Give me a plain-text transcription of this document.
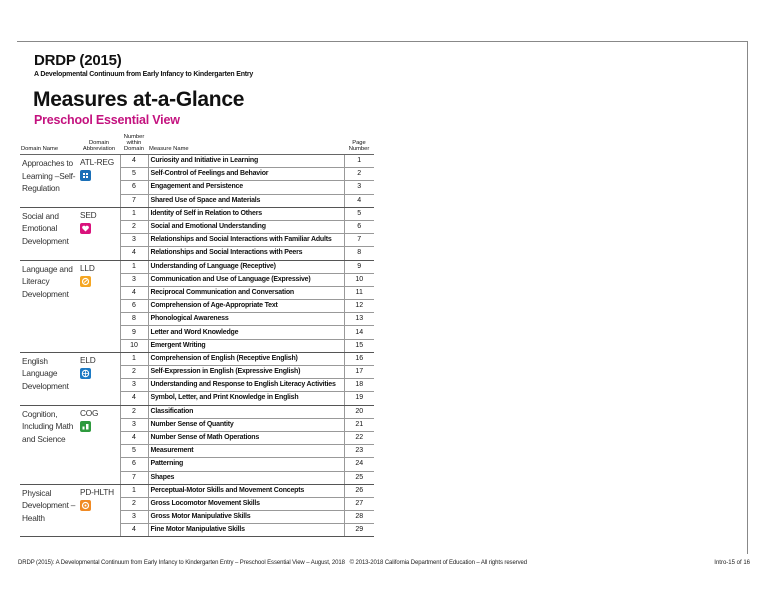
DRDP (2015)
A Developmental Continuum from Early Infancy to Kindergarten Entry
Measures at-a-Glance
Preschool Essential View
Domain Name	Domain Abbreviation	Number within Domain	Measure Name	Page Number

Approaches to Learning –Self-Regulation	ATL-REG	4	Curiosity and Initiative in Learning	1
		5	Self-Control of Feelings and Behavior	2
		6	Engagement and Persistence	3
		7	Shared Use of Space and Materials	4

Social and Emotional Development	SED	1	Identity of Self in Relation to Others	5
		2	Social and Emotional Understanding	6
		3	Relationships and Social Interactions with Familiar Adults	7
		4	Relationships and Social Interactions with Peers	8

Language and Literacy Development	LLD	1	Understanding of Language (Receptive)	9
		3	Communication and Use of Language (Expressive)	10
		4	Reciprocal Communication and Conversation	11
		6	Comprehension of Age-Appropriate Text	12
		8	Phonological Awareness	13
		9	Letter and Word Knowledge	14
		10	Emergent Writing	15

English Language Development	ELD	1	Comprehension of English (Receptive English)	16
		2	Self-Expression in English (Expressive English)	17
		3	Understanding and Response to English Literacy Activities	18
		4	Symbol, Letter, and Print Knowledge in English	19

Cognition, Including Math and Science	COG	2	Classification	20
		3	Number Sense of Quantity	21
		4	Number Sense of Math Operations	22
		5	Measurement	23
		6	Patterning	24
		7	Shapes	25

Physical Development –Health	PD-HLTH	1	Perceptual-Motor Skills and Movement Concepts	26
		2	Gross Locomotor Movement Skills	27
		3	Gross Motor Manipulative Skills	28
		4	Fine Motor Manipulative Skills	29
DRDP (2015): A Developmental Continuum from Early Infancy to Kindergarten Entry – Preschool Essential View – August, 2018 © 2013-2018 California Department of Education – All rights reserved	Intro-15 of 16
